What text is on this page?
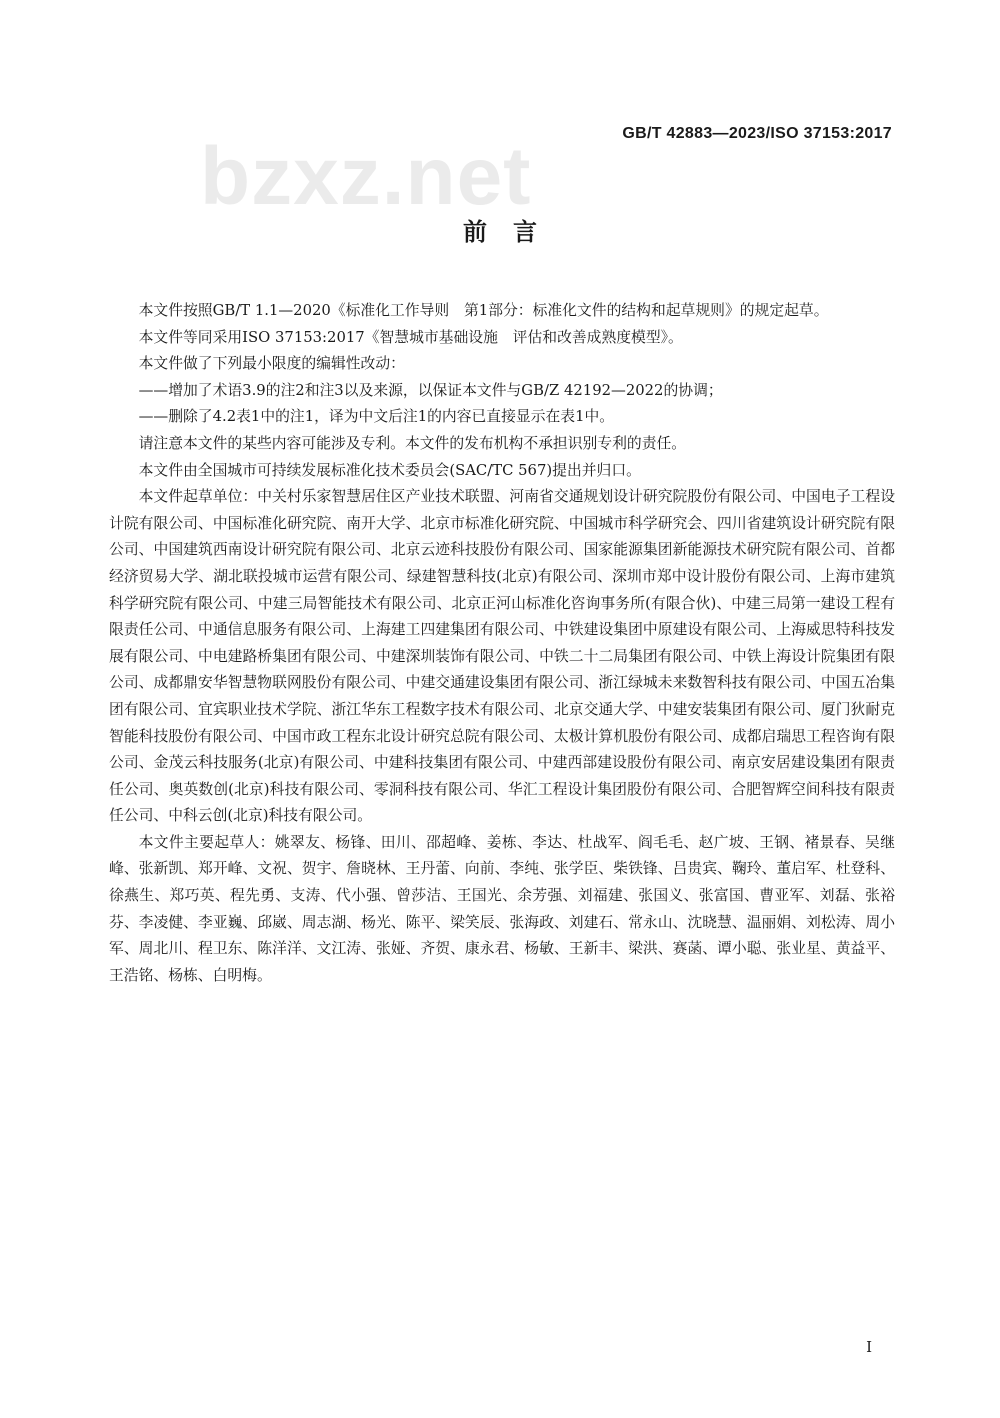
bzxz.net	GB/T 42883—2023/ISO 37153:2017
前言

本文件按照GB/T 1.1—2020《标准化工作导则　第1部分：标准化文件的结构和起草规则》的规定起草。

本文件等同采用ISO 37153:2017《智慧城市基础设施　评估和改善成熟度模型》。

本文件做了下列最小限度的编辑性改动：

——增加了术语3.9的注2和注3以及来源，以保证本文件与GB/Z 42192—2022的协调；

——删除了4.2表1中的注1，译为中文后注1的内容已直接显示在表1中。

请注意本文件的某些内容可能涉及专利。本文件的发布机构不承担识别专利的责任。

本文件由全国城市可持续发展标准化技术委员会(SAC/TC 567)提出并归口。

本文件起草单位：中关村乐家智慧居住区产业技术联盟、河南省交通规划设计研究院股份有限公司、中国电子工程设计院有限公司、中国标准化研究院、南开大学、北京市标准化研究院、中国城市科学研究会、四川省建筑设计研究院有限公司、中国建筑西南设计研究院有限公司、北京云迹科技股份有限公司、国家能源集团新能源技术研究院有限公司、首都经济贸易大学、湖北联投城市运营有限公司、绿建智慧科技(北京)有限公司、深圳市郑中设计股份有限公司、上海市建筑科学研究院有限公司、中建三局智能技术有限公司、北京正河山标准化咨询事务所(有限合伙)、中建三局第一建设工程有限责任公司、中通信息服务有限公司、上海建工四建集团有限公司、中铁建设集团中原建设有限公司、上海威思特科技发展有限公司、中电建路桥集团有限公司、中建深圳装饰有限公司、中铁二十二局集团有限公司、中铁上海设计院集团有限公司、成都鼎安华智慧物联网股份有限公司、中建交通建设集团有限公司、浙江绿城未来数智科技有限公司、中国五冶集团有限公司、宜宾职业技术学院、浙江华东工程数字技术有限公司、北京交通大学、中建安装集团有限公司、厦门狄耐克智能科技股份有限公司、中国市政工程东北设计研究总院有限公司、太极计算机股份有限公司、成都启瑞思工程咨询有限公司、金茂云科技服务(北京)有限公司、中建科技集团有限公司、中建西部建设股份有限公司、南京安居建设集团有限责任公司、奥英数创(北京)科技有限公司、零洞科技有限公司、华汇工程设计集团股份有限公司、合肥智辉空间科技有限责任公司、中科云创(北京)科技有限公司。

本文件主要起草人：姚翠友、杨锋、田川、邵超峰、姜栋、李达、杜战军、阎毛毛、赵广坡、王钢、褚景春、吴继峰、张新凯、郑开峰、文祝、贺宇、詹晓林、王丹蕾、向前、李纯、张学臣、柴铁锋、吕贵宾、鞠玲、董启军、杜登科、徐燕生、郑巧英、程先勇、支涛、代小强、曾莎洁、王国光、余芳强、刘福建、张国义、张富国、曹亚军、刘磊、张裕芬、李凌健、李亚巍、邱崴、周志湖、杨光、陈平、梁笑辰、张海政、刘建石、常永山、沈晓慧、温丽娟、刘松涛、周小军、周北川、程卫东、陈洋洋、文江涛、张娅、齐贺、康永君、杨敏、王新丰、梁洪、赛菡、谭小聪、张业星、黄益平、王浩铭、杨栋、白明梅。

I
